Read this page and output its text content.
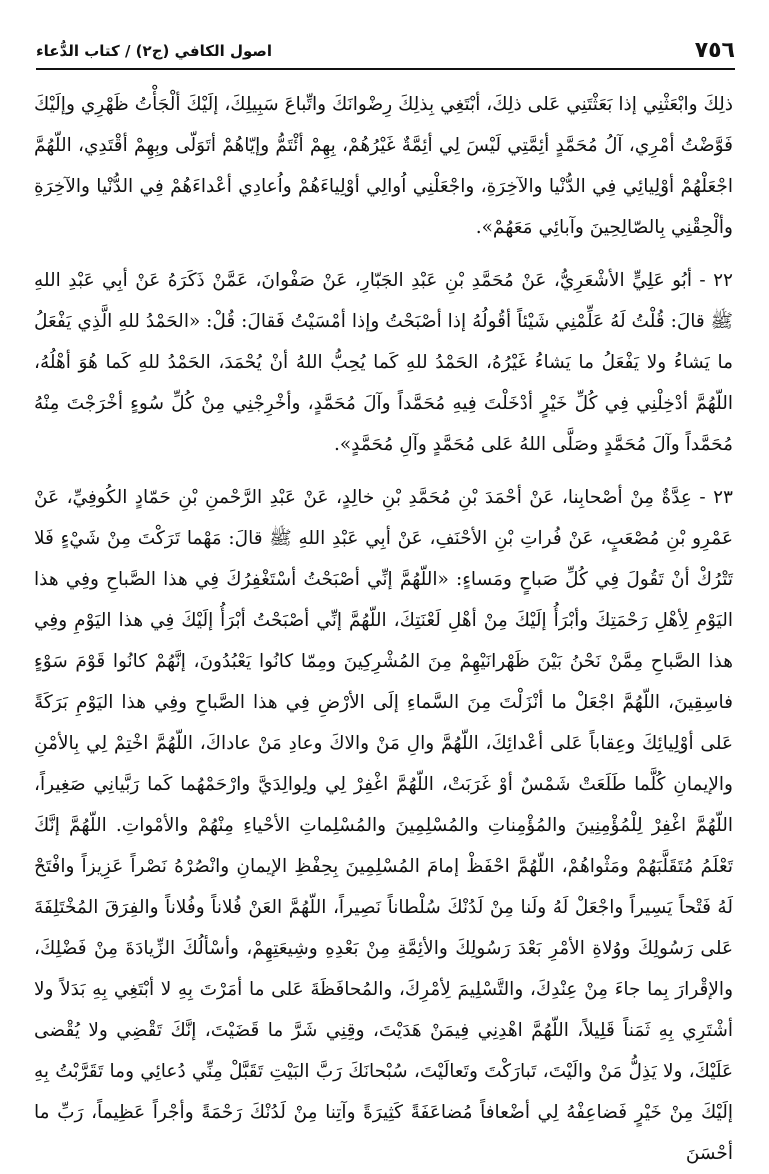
٧٥٦
اصول الكافي (ج٢) / كتاب الدُّعاء

ذلِكَ وابْعَثْنِي إذا بَعَثْتَنِي عَلى ذلِكَ، أبْتَغِي بِذلِكَ رِضْوانَكَ واتِّباعَ سَبِيلِكَ، إلَيْكَ ألْجَأْتُ ظَهْرِي وإلَيْكَ فَوَّضْتُ أمْرِي، آلُ مُحَمَّدٍ أئِمَّتِي لَيْسَ لِي أئِمَّةٌ غَيْرُهُمْ، بِهِمْ أئْتَمُّ وإيّاهُمْ أتَوَلّى وبِهِمْ أقْتَدِي، اللّهُمَّ اجْعَلْهُمْ أوْلِيائِي فِي الدُّنْيا والآخِرَةِ، واجْعَلْنِي اُوالِي أوْلِياءَهُمْ واُعادِي أعْداءَهُمْ فِي الدُّنْيا والآخِرَةِ وألْحِقْنِي بِالصّالِحِينَ وآبائِي مَعَهُمْ».

٢٢ - أبُو عَلِيٍّ الأشْعَرِيُّ، عَنْ مُحَمَّدِ بْنِ عَبْدِ الجَبّارِ، عَنْ صَفْوانَ، عَمَّنْ ذَكَرَهُ عَنْ أبِي عَبْدِ اللهِ ﷺ قالَ: قُلْتُ لَهُ عَلِّمْنِي شَيْئاً أقُولُهُ إذا أصْبَحْتُ وإذا أمْسَيْتُ فَقالَ: قُلْ: «الحَمْدُ للهِ الَّذِي يَفْعَلُ ما يَشاءُ ولا يَفْعَلُ ما يَشاءُ غَيْرُهُ، الحَمْدُ للهِ كَما يُحِبُّ اللهُ أنْ يُحْمَدَ، الحَمْدُ للهِ كَما هُوَ أهْلُهُ، اللّهُمَّ أدْخِلْنِي فِي كُلِّ خَيْرٍ أدْخَلْتَ فِيهِ مُحَمَّداً وآلَ مُحَمَّدٍ، وأخْرِجْنِي مِنْ كُلِّ سُوءٍ أخْرَجْتَ مِنْهُ مُحَمَّداً وآلَ مُحَمَّدٍ وصَلَّى اللهُ عَلى مُحَمَّدٍ وآلِ مُحَمَّدٍ».

٢٣ - عِدَّةٌ مِنْ أصْحابِنا، عَنْ أحْمَدَ بْنِ مُحَمَّدِ بْنِ خالِدٍ، عَنْ عَبْدِ الرَّحْمنِ بْنِ حَمّادٍ الكُوفِيِّ، عَنْ عَمْرِو بْنِ مُصْعَبٍ، عَنْ فُراتِ بْنِ الأحْنَفِ، عَنْ أبِي عَبْدِ اللهِ ﷺ قالَ: مَهْما تَرَكْتَ مِنْ شَيْءٍ فَلا تَتْرُكْ أنْ تَقُولَ فِي كُلِّ صَباحٍ ومَساءٍ: «اللّهُمَّ إنِّي أصْبَحْتُ أسْتَغْفِرُكَ فِي هذا الصَّباحِ وفِي هذا اليَوْمِ لِأهْلِ رَحْمَتِكَ وأبْرَأُ إلَيْكَ مِنْ أهْلِ لَعْنَتِكَ، اللّهُمَّ إنِّي أصْبَحْتُ أبْرَأُ إلَيْكَ فِي هذا اليَوْمِ وفِي هذا الصَّباحِ مِمَّنْ نَحْنُ بَيْنَ ظَهْرانَيْهِمْ مِنَ المُشْرِكِينَ ومِمّا كانُوا يَعْبُدُونَ، إنَّهُمْ كانُوا قَوْمَ سَوْءٍ فاسِقِينَ، اللّهُمَّ اجْعَلْ ما أنْزَلْتَ مِنَ السَّماءِ إلَى الأرْضِ فِي هذا الصَّباحِ وفِي هذا اليَوْمِ بَرَكَةً عَلى أوْلِيائِكَ وعِقاباً عَلى أعْدائِكَ، اللّهُمَّ والِ مَنْ والاكَ وعادِ مَنْ عاداكَ، اللّهُمَّ اخْتِمْ لِي بِالأمْنِ والإيمانِ كُلَّما طَلَعَتْ شَمْسٌ أوْ غَرَبَتْ، اللّهُمَّ اغْفِرْ لِي ولِوالِدَيَّ وارْحَمْهُما كَما رَبَّيانِي صَغِيراً، اللّهُمَّ اغْفِرْ لِلْمُؤْمِنِينَ والمُؤْمِناتِ والمُسْلِمِينَ والمُسْلِماتِ الأحْياءِ مِنْهُمْ والأمْواتِ. اللّهُمَّ إنَّكَ تَعْلَمُ مُتَقَلَّبَهُمْ ومَثْواهُمْ، اللّهُمَّ احْفَظْ إمامَ المُسْلِمِينَ بِحِفْظِ الإيمانِ وانْصُرْهُ نَصْراً عَزِيزاً وافْتَحْ لَهُ فَتْحاً يَسِيراً واجْعَلْ لَهُ ولَنا مِنْ لَدُنْكَ سُلْطاناً نَصِيراً، اللّهُمَّ العَنْ فُلاناً وفُلاناً والفِرَقَ المُخْتَلِفَةَ عَلى رَسُولِكَ ووُلاةِ الأمْرِ بَعْدَ رَسُولِكَ والأئِمَّةِ مِنْ بَعْدِهِ وشِيعَتِهِمْ، وأسْألُكَ الزِّيادَةَ مِنْ فَضْلِكَ، والإقْرارَ بِما جاءَ مِنْ عِنْدِكَ، والتَّسْلِيمَ لِأمْرِكَ، والمُحافَظَةَ عَلى ما أمَرْتَ بِهِ لا أبْتَغِي بِهِ بَدَلاً ولا أشْتَرِي بِهِ ثَمَناً قَلِيلاً، اللّهُمَّ اهْدِنِي فِيمَنْ هَدَيْتَ، وقِنِي شَرَّ ما قَضَيْتَ، إنَّكَ تَقْضِي ولا يُقْضى عَلَيْكَ، ولا يَذِلُّ مَنْ والَيْتَ، تَبارَكْتَ وتَعالَيْتَ، سُبْحانَكَ رَبَّ البَيْتِ تَقَبَّلْ مِنِّي دُعائِي وما تَقَرَّبْتُ بِهِ إلَيْكَ مِنْ خَيْرٍ فَضاعِفْهُ لِي أضْعافاً مُضاعَفَةً كَثِيرَةً وآتِنا مِنْ لَدُنْكَ رَحْمَةً وأجْراً عَظِيماً، رَبِّ ما أحْسَنَ
